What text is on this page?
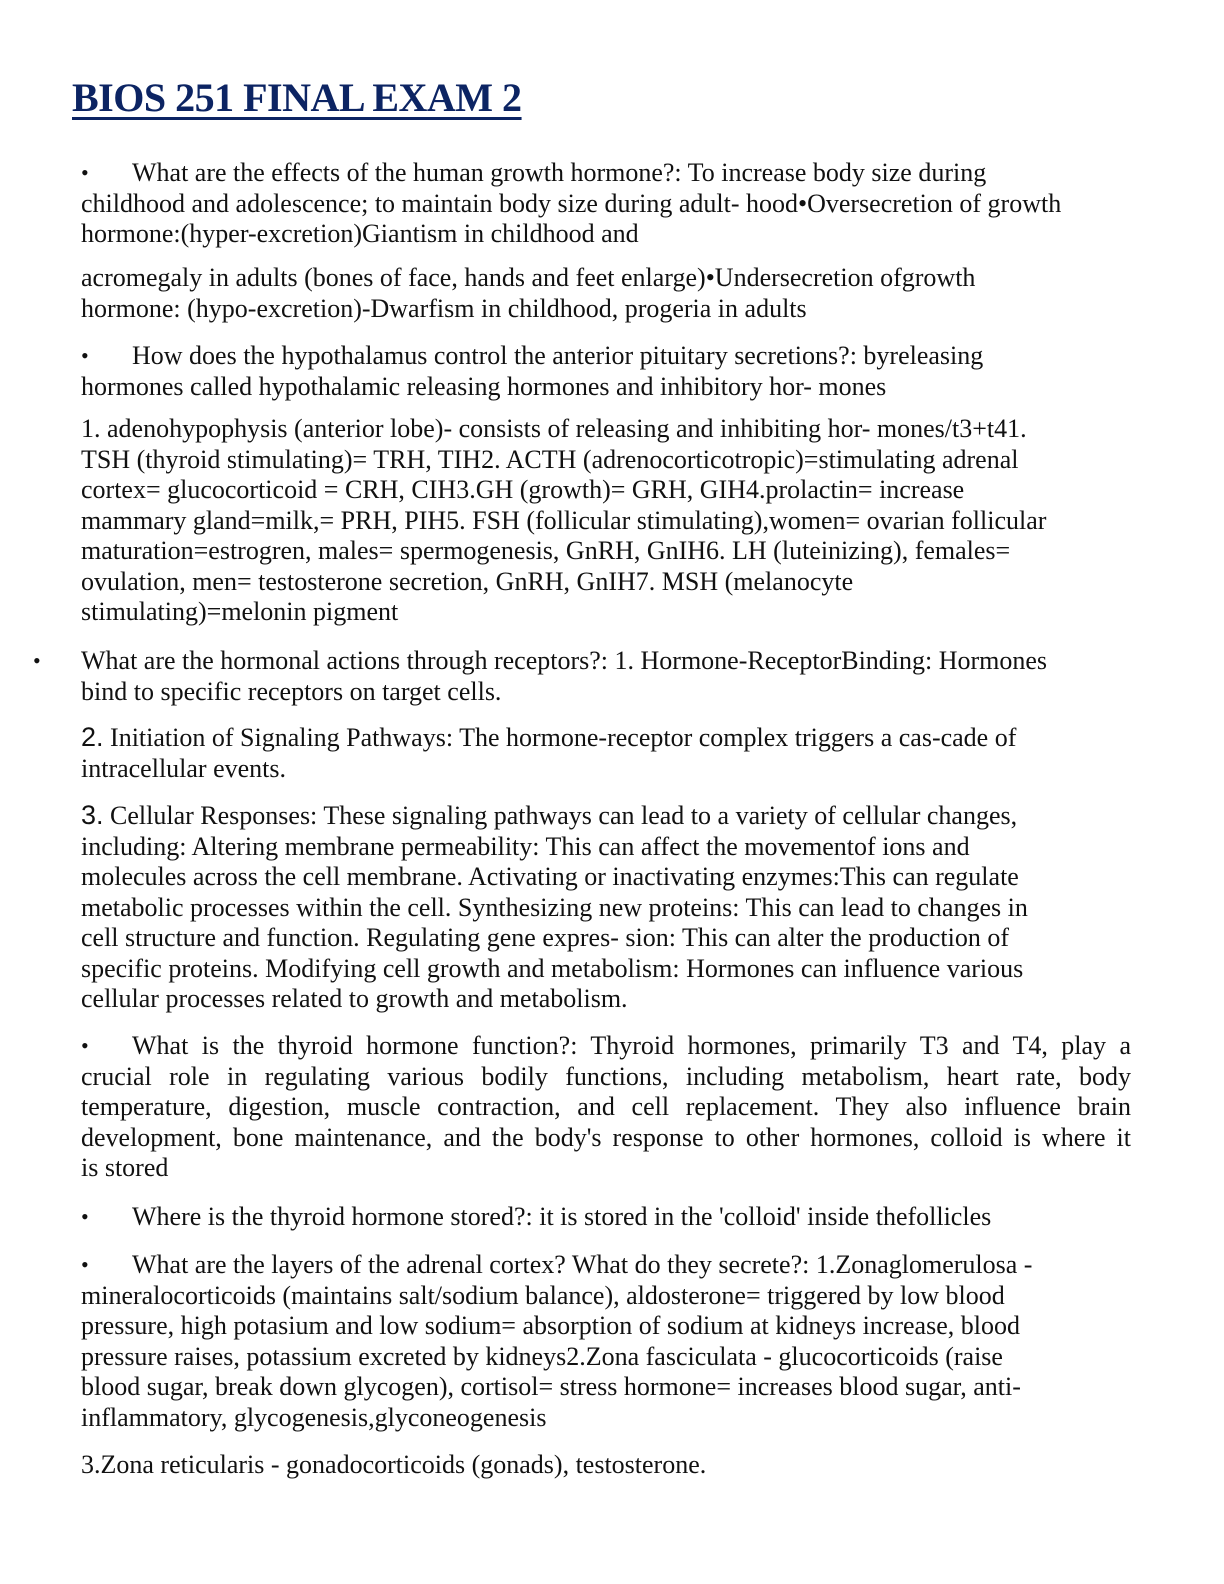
BIOS 251 FINAL EXAM 2
•	What are the effects of the human growth hormone?: To increase body size during
childhood and adolescence; to maintain body size during adult- hood•Oversecretion of growth
hormone:(hyper-excretion)Giantism in childhood and
acromegaly in adults (bones of face, hands and feet enlarge)•Undersecretion ofgrowth
hormone: (hypo-excretion)-Dwarfism in childhood, progeria in adults
•	How does the hypothalamus control the anterior pituitary secretions?: byreleasing
hormones called hypothalamic releasing hormones and inhibitory hor- mones
1. adenohypophysis (anterior lobe)- consists of releasing and inhibiting hor- mones/t3+t41.
TSH (thyroid stimulating)= TRH, TIH2. ACTH (adrenocorticotropic)=stimulating adrenal
cortex= glucocorticoid = CRH, CIH3.GH (growth)= GRH, GIH4.prolactin= increase
mammary gland=milk,= PRH, PIH5. FSH (follicular stimulating),women= ovarian follicular
maturation=estrogren, males= spermogenesis, GnRH, GnIH6. LH (luteinizing), females=
ovulation, men= testosterone secretion, GnRH, GnIH7. MSH (melanocyte
stimulating)=melonin pigment
• What are the hormonal actions through receptors?: 1. Hormone-ReceptorBinding: Hormones
bind to specific receptors on target cells.
2. Initiation of Signaling Pathways: The hormone-receptor complex triggers a cas-cade of
intracellular events.
3. Cellular Responses: These signaling pathways can lead to a variety of cellular changes,
including: Altering membrane permeability: This can affect the movementof ions and
molecules across the cell membrane. Activating or inactivating enzymes:This can regulate
metabolic processes within the cell. Synthesizing new proteins: This can lead to changes in
cell structure and function. Regulating gene expres- sion: This can alter the production of
specific proteins. Modifying cell growth and metabolism: Hormones can influence various
cellular processes related to growth and metabolism.
•	What is the thyroid hormone function?: Thyroid hormones, primarily T3 and T4, play a
crucial role in regulating various bodily functions, including metabolism, heart rate, body
temperature, digestion, muscle contraction, and cell replacement. They also influence brain
development, bone maintenance, and the body's response to other hormones, colloid is where it
is stored
•	Where is the thyroid hormone stored?: it is stored in the 'colloid' inside thefollicles
•	What are the layers of the adrenal cortex? What do they secrete?: 1.Zonaglomerulosa -
mineralocorticoids (maintains salt/sodium balance), aldosterone= triggered by low blood
pressure, high potasium and low sodium= absorption of sodium at kidneys increase, blood
pressure raises, potassium excreted by kidneys2.Zona fasciculata - glucocorticoids (raise
blood sugar, break down glycogen), cortisol= stress hormone= increases blood sugar, anti-
inflammatory, glycogenesis,glyconeogenesis
3.Zona reticularis - gonadocorticoids (gonads), testosterone.
